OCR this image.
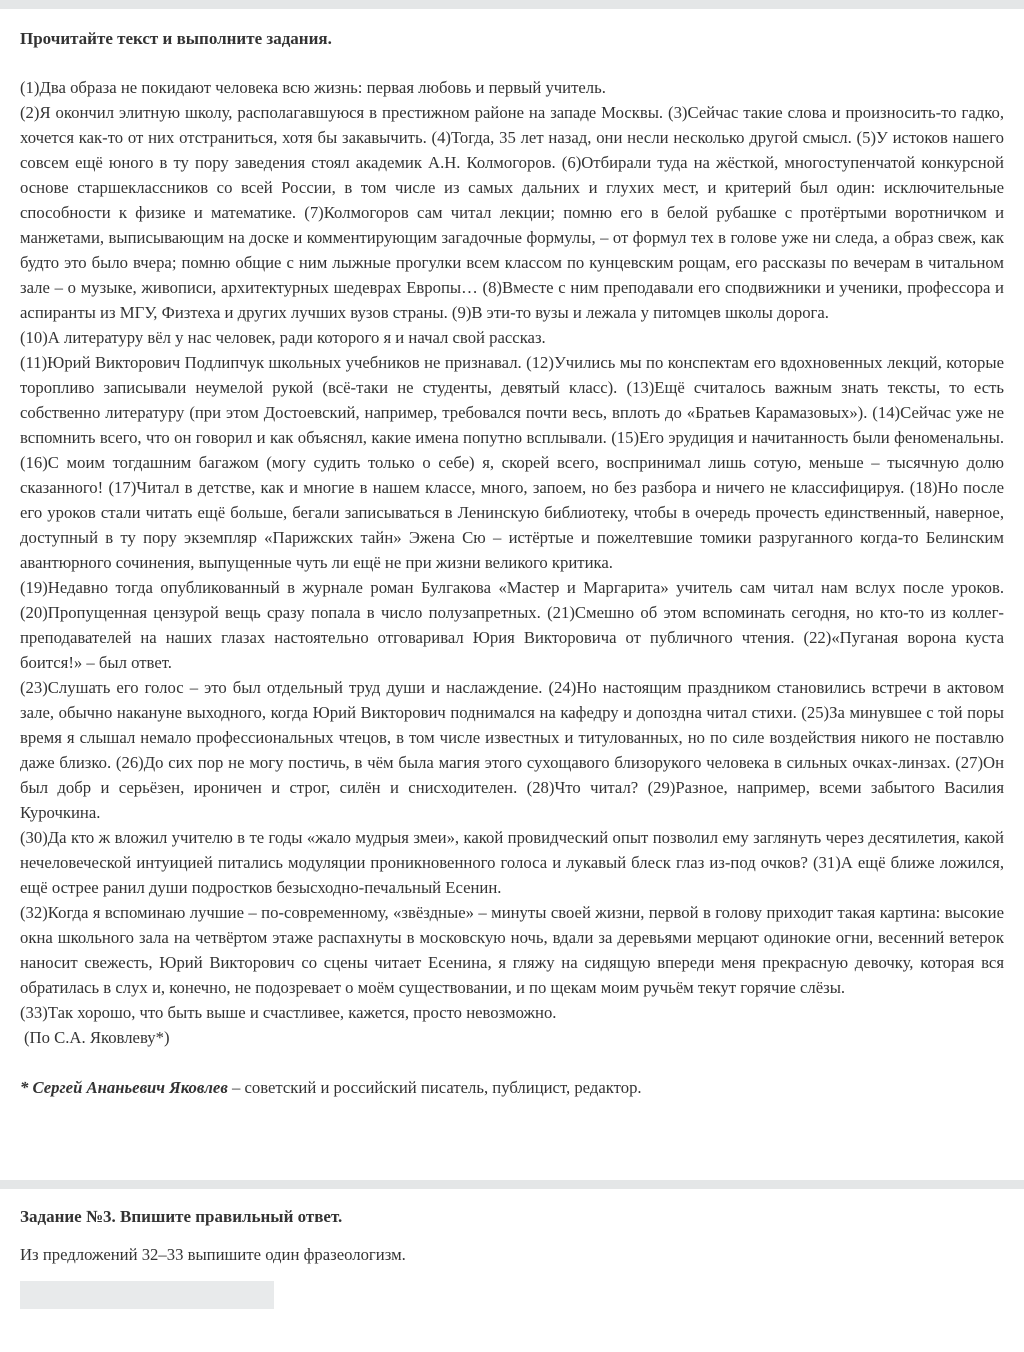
Прочитайте текст и выполните задания.

(1)Два образа не покидают человека всю жизнь: первая любовь и первый учитель.

(2)Я окончил элитную школу, располагавшуюся в престижном районе на западе Москвы. (3)Сейчас такие слова и произносить-то гадко, хочется как-то от них отстраниться, хотя бы закавычить. (4)Тогда, 35 лет назад, они несли несколько другой смысл. (5)У истоков нашего совсем ещё юного в ту пору заведения стоял академик А.Н. Колмогоров. (6)Отбирали туда на жёсткой, многоступенчатой конкурсной основе старшеклассников со всей России, в том числе из самых дальних и глухих мест, и критерий был один: исключительные способности к физике и математике. (7)Колмогоров сам читал лекции; помню его в белой рубашке с протёртыми воротничком и манжетами, выписывающим на доске и комментирующим загадочные формулы, – от формул тех в голове уже ни следа, а образ свеж, как будто это было вчера; помню общие с ним лыжные прогулки всем классом по кунцевским рощам, его рассказы по вечерам в читальном зале – о музыке, живописи, архитектурных шедеврах Европы… (8)Вместе с ним преподавали его сподвижники и ученики, профессора и аспиранты из МГУ, Физтеха и других лучших вузов страны. (9)В эти-то вузы и лежала у питомцев школы дорога.

(10)А литературу вёл у нас человек, ради которого я и начал свой рассказ.

(11)Юрий Викторович Подлипчук школьных учебников не признавал. (12)Учились мы по конспектам его вдохновенных лекций, которые торопливо записывали неумелой рукой (всё-таки не студенты, девятый класс). (13)Ещё считалось важным знать тексты, то есть собственно литературу (при этом Достоевский, например, требовался почти весь, вплоть до «Братьев Карамазовых»). (14)Сейчас уже не вспомнить всего, что он говорил и как объяснял, какие имена попутно всплывали. (15)Его эрудиция и начитанность были феноменальны. (16)С моим тогдашним багажом (могу судить только о себе) я, скорей всего, воспринимал лишь сотую, меньше – тысячную долю сказанного! (17)Читал в детстве, как и многие в нашем классе, много, запоем, но без разбора и ничего не классифицируя. (18)Но после его уроков стали читать ещё больше, бегали записываться в Ленинскую библиотеку, чтобы в очередь прочесть единственный, наверное, доступный в ту пору экземпляр «Парижских тайн» Эжена Сю – истёртые и пожелтевшие томики разруганного когда-то Белинским авантюрного сочинения, выпущенные чуть ли ещё не при жизни великого критика.

(19)Недавно тогда опубликованный в журнале роман Булгакова «Мастер и Маргарита» учитель сам читал нам вслух после уроков. (20)Пропущенная цензурой вещь сразу попала в число полузапретных. (21)Смешно об этом вспоминать сегодня, но кто-то из коллег-преподавателей на наших глазах настоятельно отговаривал Юрия Викторовича от публичного чтения. (22)«Пуганая ворона куста боится!» – был ответ.

(23)Слушать его голос – это был отдельный труд души и наслаждение. (24)Но настоящим праздником становились встречи в актовом зале, обычно накануне выходного, когда Юрий Викторович поднимался на кафедру и допоздна читал стихи. (25)За минувшее с той поры время я слышал немало профессиональных чтецов, в том числе известных и титулованных, но по силе воздействия никого не поставлю даже близко. (26)До сих пор не могу постичь, в чём была магия этого сухощавого близорукого человека в сильных очках-линзах. (27)Он был добр и серьёзен, ироничен и строг, силён и снисходителен. (28)Что читал? (29)Разное, например, всеми забытого Василия Курочкина.

(30)Да кто ж вложил учителю в те годы «жало мудрыя змеи», какой провидческий опыт позволил ему заглянуть через десятилетия, какой нечеловеческой интуицией питались модуляции проникновенного голоса и лукавый блеск глаз из-под очков? (31)А ещё ближе ложился, ещё острее ранил души подростков безысходно-печальный Есенин.

(32)Когда я вспоминаю лучшие – по-современному, «звёздные» – минуты своей жизни, первой в голову приходит такая картина: высокие окна школьного зала на четвёртом этаже распахнуты в московскую ночь, вдали за деревьями мерцают одинокие огни, весенний ветерок наносит свежесть, Юрий Викторович со сцены читает Есенина, я гляжу на сидящую впереди меня прекрасную девочку, которая вся обратилась в слух и, конечно, не подозревает о моём существовании, и по щекам моим ручьём текут горячие слёзы.

(33)Так хорошо, что быть выше и счастливее, кажется, просто невозможно.

(По С.А. Яковлеву*)

* Сергей Ананьевич Яковлев – советский и российский писатель, публицист, редактор.
Задание №3. Впишите правильный ответ.
Из предложений 32–33 выпишите один фразеологизм.
